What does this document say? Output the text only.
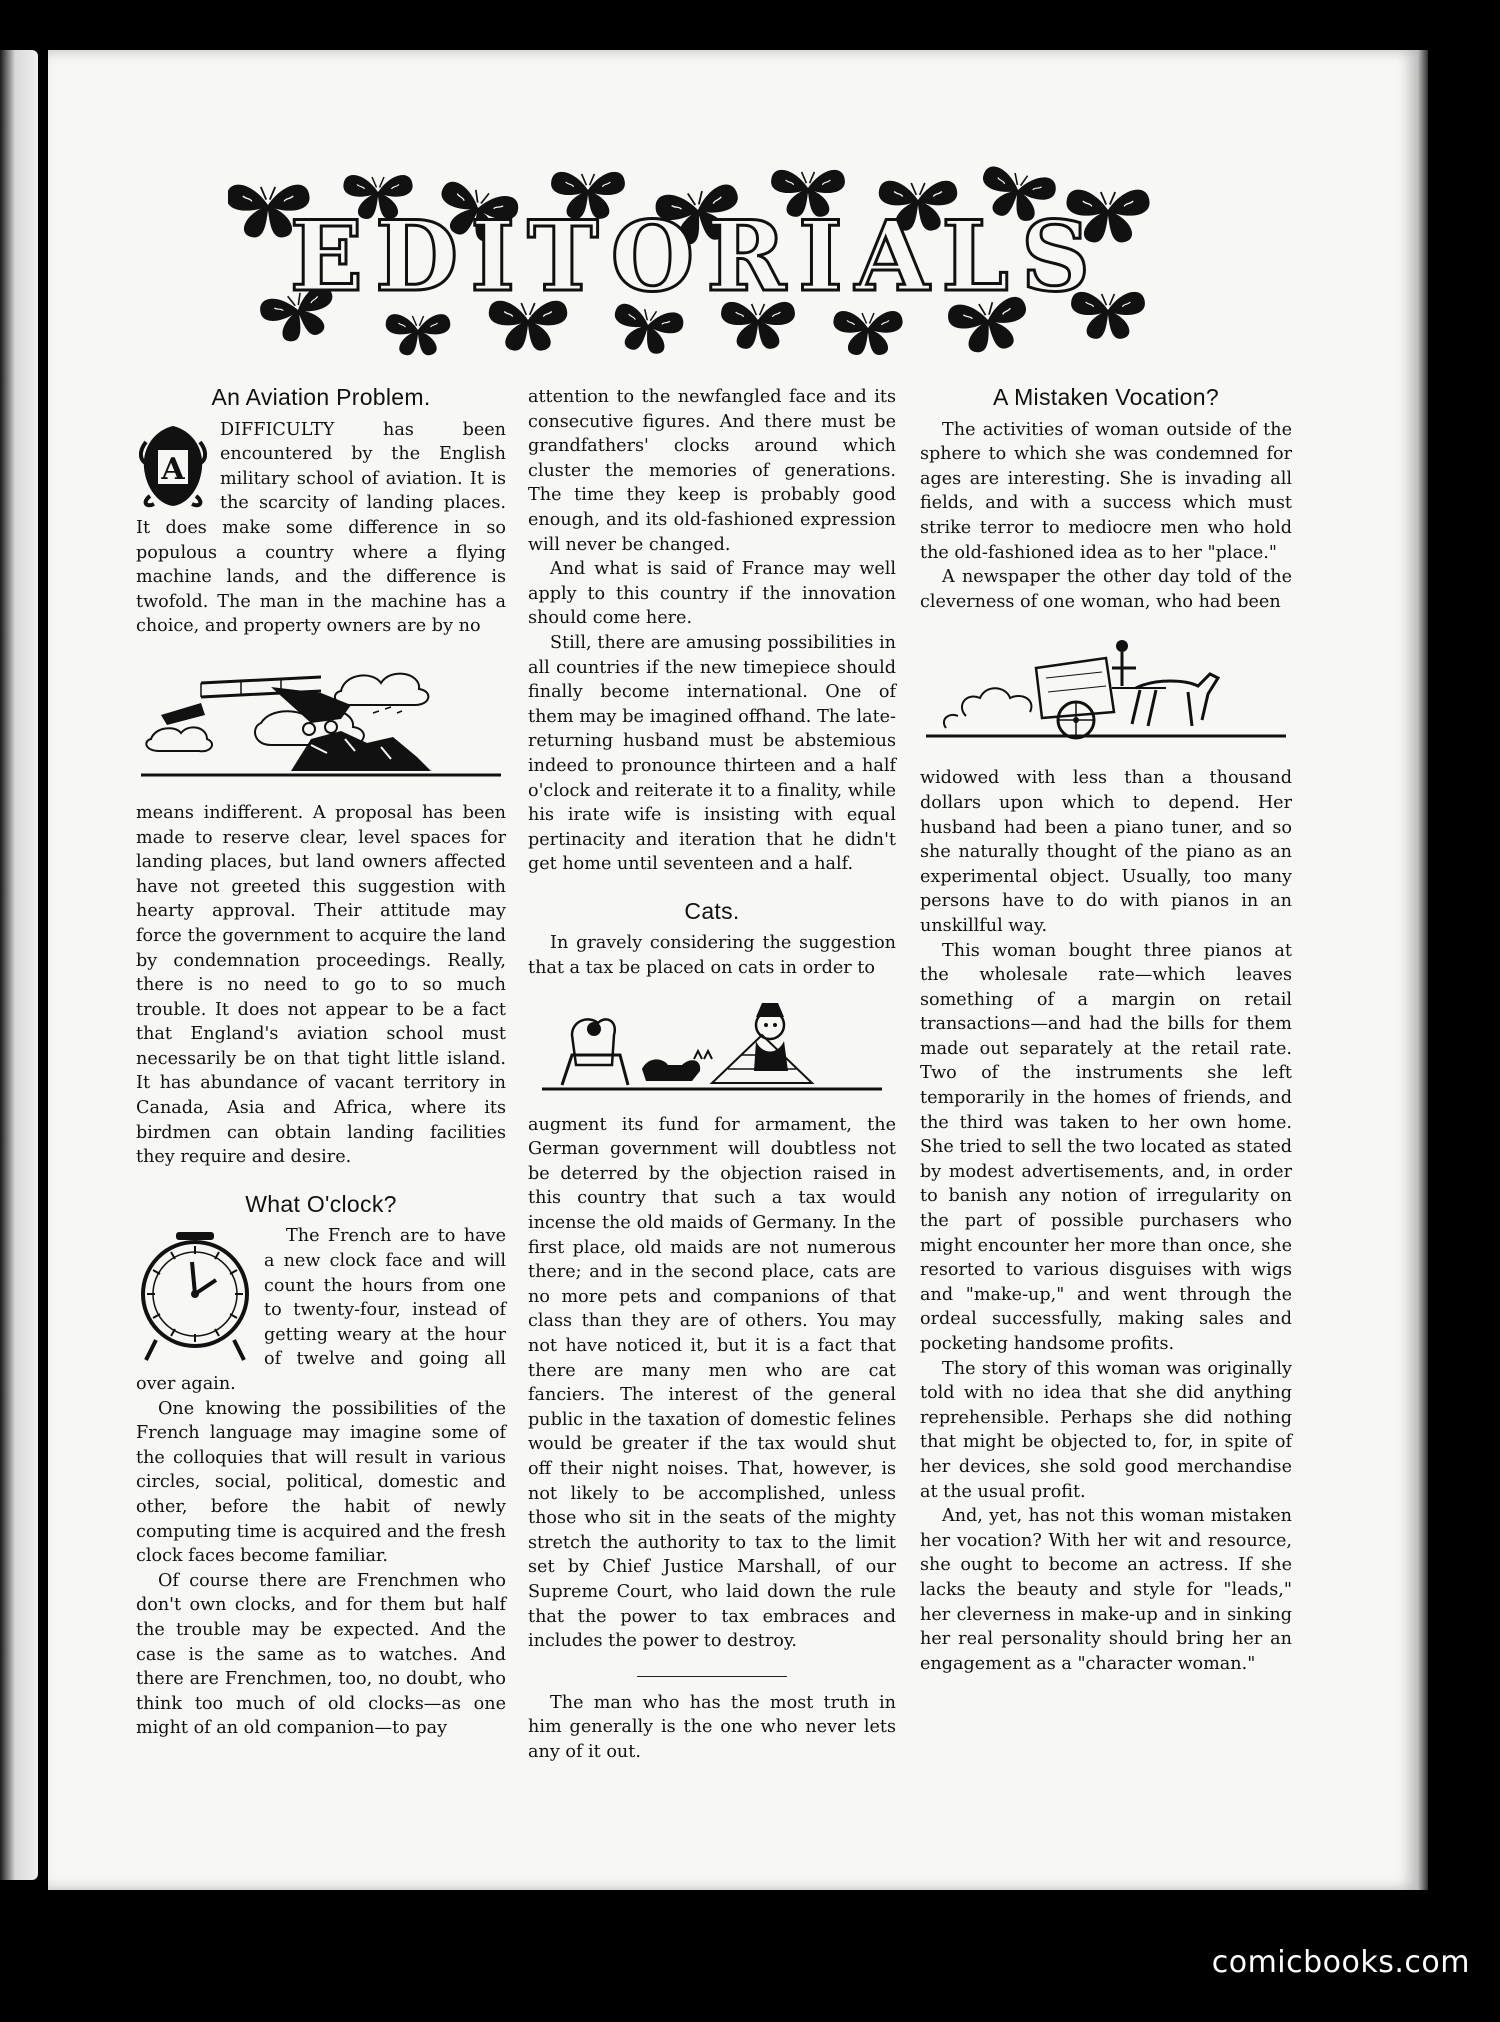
EDITORIALS
An Aviation Problem.
A

DIFFICULTY has been encountered by the English military school of aviation. It is the scarcity of landing places. It does make some difference in so populous a country where a flying machine lands, and the difference is twofold. The man in the machine has a choice, and property owners are by no

means indifferent. A proposal has been made to reserve clear, level spaces for landing places, but land owners affected have not greeted this suggestion with hearty approval. Their attitude may force the government to acquire the land by condemnation proceedings. Really, there is no need to go to so much trouble. It does not appear to be a fact that England's aviation school must necessarily be on that tight little island. It has abundance of vacant territory in Canada, Asia and Africa, where its birdmen can obtain landing facilities they require and desire.

What O'clock?

The French are to have a new clock face and will count the hours from one to twenty-four, instead of getting weary at the hour of twelve and going all over again.

One knowing the possibilities of the French language may imagine some of the colloquies that will result in various circles, social, political, domestic and other, before the habit of newly computing time is acquired and the fresh clock faces become familiar.

Of course there are Frenchmen who don't own clocks, and for them but half the trouble may be expected. And the case is the same as to watches. And there are Frenchmen, too, no doubt, who think too much of old clocks—as one might of an old companion—to pay

attention to the newfangled face and its consecutive figures. And there must be grandfathers' clocks around which cluster the memories of generations. The time they keep is probably good enough, and its old-fashioned expression will never be changed.

And what is said of France may well apply to this country if the innovation should come here.

Still, there are amusing possibilities in all countries if the new timepiece should finally become international. One of them may be imagined offhand. The late-returning husband must be abstemious indeed to pronounce thirteen and a half o'clock and reiterate it to a finality, while his irate wife is insisting with equal pertinacity and iteration that he didn't get home until seventeen and a half.

Cats.

In gravely considering the suggestion that a tax be placed on cats in order to

augment its fund for armament, the German government will doubtless not be deterred by the objection raised in this country that such a tax would incense the old maids of Germany. In the first place, old maids are not numerous there; and in the second place, cats are no more pets and companions of that class than they are of others. You may not have noticed it, but it is a fact that there are many men who are cat fanciers. The interest of the general public in the taxation of domestic felines would be greater if the tax would shut off their night noises. That, however, is not likely to be accomplished, unless those who sit in the seats of the mighty stretch the authority to tax to the limit set by Chief Justice Marshall, of our Supreme Court, who laid down the rule that the power to tax embraces and includes the power to destroy.

The man who has the most truth in him generally is the one who never lets any of it out.

A Mistaken Vocation?

The activities of woman outside of the sphere to which she was condemned for ages are interesting. She is invading all fields, and with a success which must strike terror to mediocre men who hold the old-fashioned idea as to her "place."

A newspaper the other day told of the cleverness of one woman, who had been

widowed with less than a thousand dollars upon which to depend. Her husband had been a piano tuner, and so she naturally thought of the piano as an experimental object. Usually, too many persons have to do with pianos in an unskillful way.

This woman bought three pianos at the wholesale rate—which leaves something of a margin on retail transactions—and had the bills for them made out separately at the retail rate. Two of the instruments she left temporarily in the homes of friends, and the third was taken to her own home. She tried to sell the two located as stated by modest advertisements, and, in order to banish any notion of irregularity on the part of possible purchasers who might encounter her more than once, she resorted to various disguises with wigs and "make-up," and went through the ordeal successfully, making sales and pocketing handsome profits.

The story of this woman was originally told with no idea that she did anything reprehensible. Perhaps she did nothing that might be objected to, for, in spite of her devices, she sold good merchandise at the usual profit.

And, yet, has not this woman mistaken her vocation? With her wit and resource, she ought to become an actress. If she lacks the beauty and style for "leads," her cleverness in make-up and in sinking her real personality should bring her an engagement as a "character woman."

comicbooks.com
